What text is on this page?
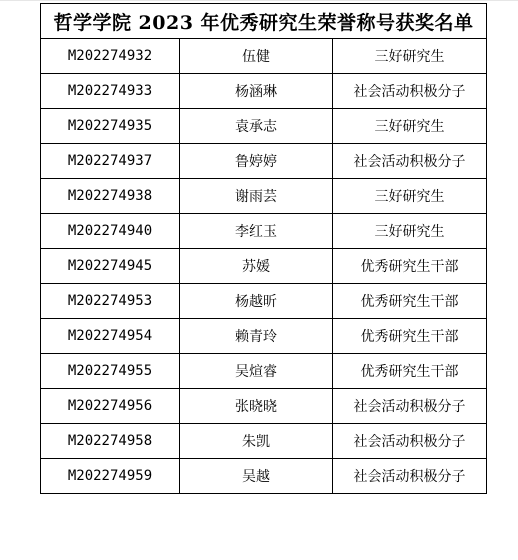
哲学学院 2023 年优秀研究生荣誉称号获奖名单		
M202274932	伍健	三好研究生
M202274933	杨涵琳	社会活动积极分子
M202274935	袁承志	三好研究生
M202274937	鲁婷婷	社会活动积极分子
M202274938	谢雨芸	三好研究生
M202274940	李红玉	三好研究生
M202274945	苏媛	优秀研究生干部
M202274953	杨越昕	优秀研究生干部
M202274954	赖青玲	优秀研究生干部
M202274955	吴煊睿	优秀研究生干部
M202274956	张晓晓	社会活动积极分子
M202274958	朱凯	社会活动积极分子
M202274959	吴越	社会活动积极分子
